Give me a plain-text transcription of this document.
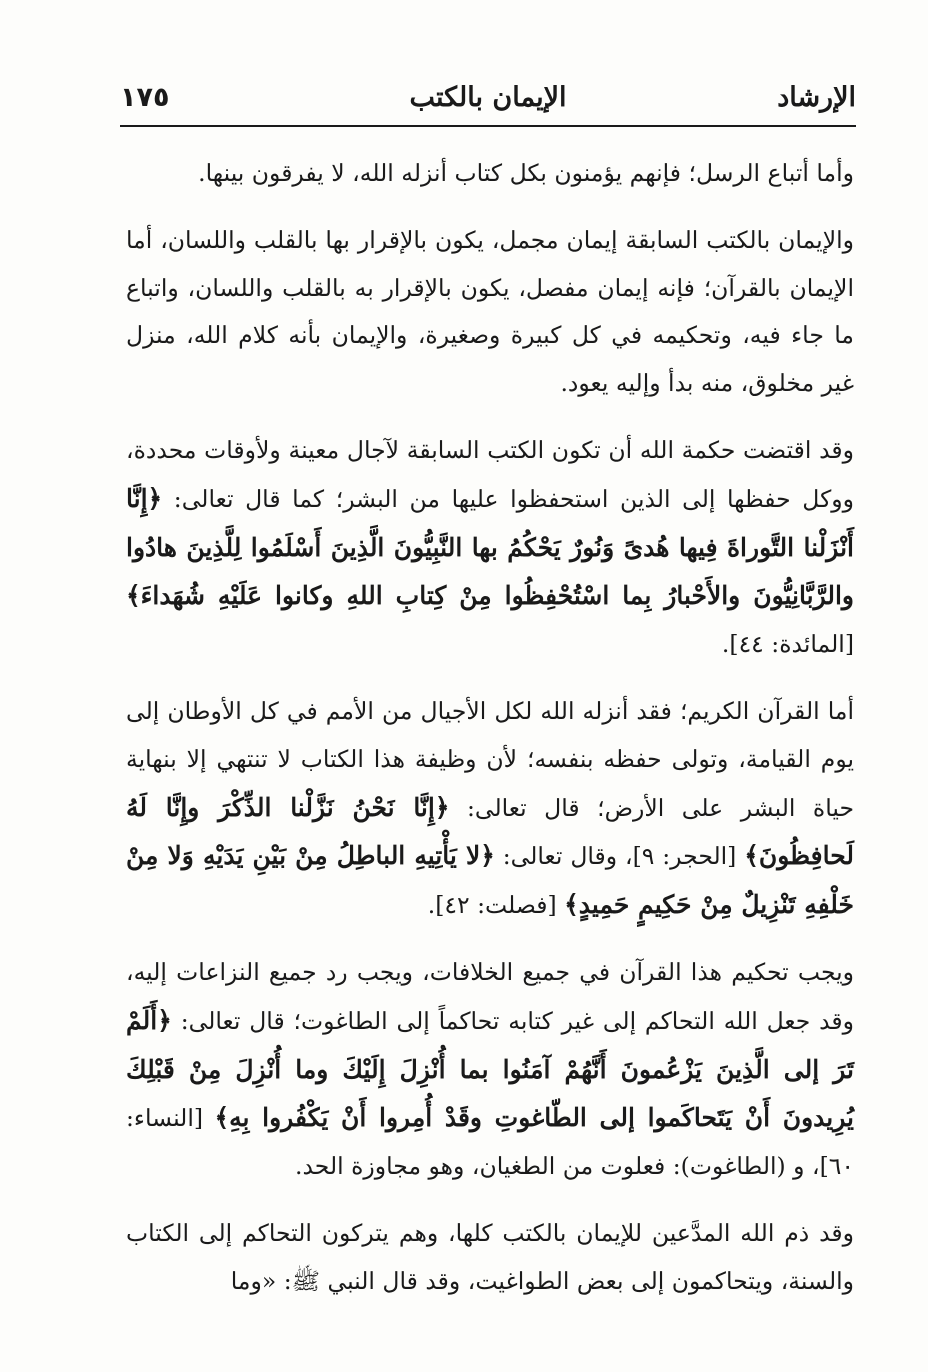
الإرشاد
الإيمان بالكتب
١٧٥

وأما أتباع الرسل؛ فإنهم يؤمنون بكل كتاب أنزله الله، لا يفرقون بينها.

والإيمان بالكتب السابقة إيمان مجمل، يكون بالإقرار بها بالقلب واللسان، أما الإيمان بالقرآن؛ فإنه إيمان مفصل، يكون بالإقرار به بالقلب واللسان، واتباع ما جاء فيه، وتحكيمه في كل كبيرة وصغيرة، والإيمان بأنه كلام الله، منزل غير مخلوق، منه بدأ وإليه يعود.

وقد اقتضت حكمة الله أن تكون الكتب السابقة لآجال معينة ولأوقات محددة، ووكل حفظها إلى الذين استحفظوا عليها من البشر؛ كما قال تعالى: ﴿إِنَّا أَنْزَلْنا التَّوراةَ فِيها هُدىً وَنُورٌ يَحْكُمُ بها النَّبِيُّونَ الَّذِينَ أَسْلَمُوا لِلَّذِينَ هادُوا والرَّبَّانِيُّونَ والأَحْبارُ بِما اسْتُحْفِظُوا مِنْ كِتابِ اللهِ وكانوا عَلَيْهِ شُهَداءَ﴾ [المائدة: ٤٤].

أما القرآن الكريم؛ فقد أنزله الله لكل الأجيال من الأمم في كل الأوطان إلى يوم القيامة، وتولى حفظه بنفسه؛ لأن وظيفة هذا الكتاب لا تنتهي إلا بنهاية حياة البشر على الأرض؛ قال تعالى: ﴿إِنَّا نَحْنُ نَزَّلْنا الذِّكْرَ وإِنَّا لَهُ لَحافِظُونَ﴾ [الحجر: ٩]، وقال تعالى: ﴿لا يَأْتِيهِ الباطِلُ مِنْ بَيْنِ يَدَيْهِ وَلا مِنْ خَلْفِهِ تَنْزِيلٌ مِنْ حَكِيمٍ حَمِيدٍ﴾ [فصلت: ٤٢].

ويجب تحكيم هذا القرآن في جميع الخلافات، ويجب رد جميع النزاعات إليه، وقد جعل الله التحاكم إلى غير كتابه تحاكماً إلى الطاغوت؛ قال تعالى: ﴿أَلَمْ تَرَ إلى الَّذِينَ يَزْعُمونَ أَنَّهُمْ آمَنُوا بما أُنْزِلَ إِلَيْكَ وما أُنْزِلَ مِنْ قَبْلِكَ يُرِيدونَ أَنْ يَتَحاكَموا إلى الطّاغوتِ وقَدْ أُمِروا أَنْ يَكْفُروا بِهِ﴾ [النساء: ٦٠]، و (الطاغوت): فعلوت من الطغيان، وهو مجاوزة الحد.

وقد ذم الله المدَّعين للإيمان بالكتب كلها، وهم يتركون التحاكم إلى الكتاب والسنة، ويتحاكمون إلى بعض الطواغيت، وقد قال النبي ﷺ: «وما
